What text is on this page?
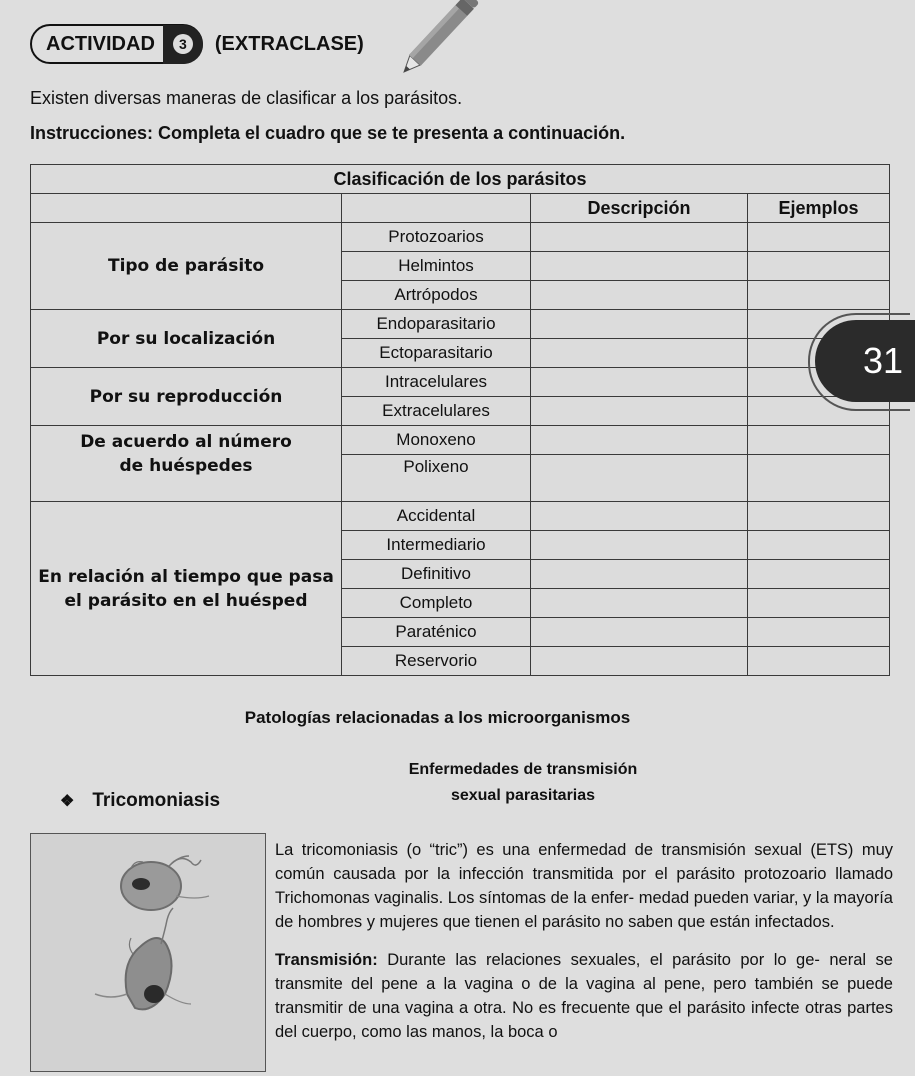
ACTIVIDAD	3	(EXTRACLASE)
Existen diversas maneras de clasificar a los parásitos.
Instrucciones: Completa el cuadro que se te presenta a continuación.
Clasificación de los parásitos			
		Descripción	Ejemplos
Tipo de parásito	Protozoarios		
	Helmintos		
	Artrópodos		
Por su localización	Endoparasitario		
	Ectoparasitario		
Por su reproducción	Intracelulares		
	Extracelulares		
De acuerdo al número de huéspedes	Monoxeno		
	Polixeno		
En relación al tiempo que pasa el parásito en el huésped	Accidental		
	Intermediario		
	Definitivo		
	Completo		
	Paraténico		
	Reservorio		
31
Patologías relacionadas a los microorganismos
Enfermedades de transmisión sexual parasitarias
❖ Tricomoniasis

La tricomoniasis (o “tric”) es una enfermedad de transmisión sexual (ETS) muy común causada por la infección transmitida por el parásito protozoario llamado Trichomonas vaginalis. Los síntomas de la enfer- medad pueden variar, y la mayoría de hombres y mujeres que tienen el parásito no saben que están infectados.

Transmisión: Durante las relaciones sexuales, el parásito por lo ge- neral se transmite del pene a la vagina o de la vagina al pene, pero también se puede transmitir de una vagina a otra. No es frecuente que el parásito infecte otras partes del cuerpo, como las manos, la boca o
